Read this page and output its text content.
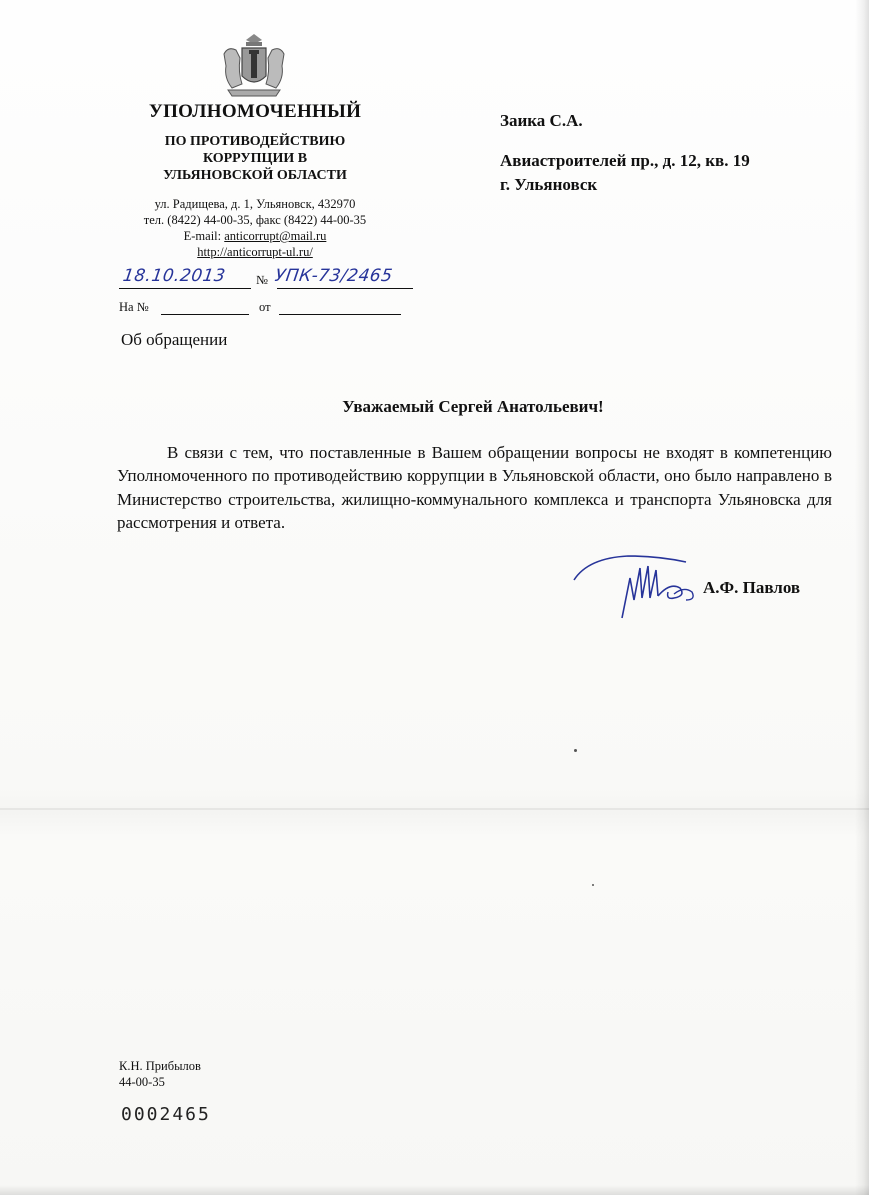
УПОЛНОМОЧЕННЫЙ
ПО ПРОТИВОДЕЙСТВИЮ
КОРРУПЦИИ В
УЛЬЯНОВСКОЙ ОБЛАСТИ
ул. Радищева, д. 1, Ульяновск, 432970
тел. (8422) 44-00-35, факс (8422) 44-00-35
E-mail: anticorrupt@mail.ru
http://anticorrupt-ul.ru/
18.10.2013 № УПК-73/2465
На №	от
Об обращении
Заика С.А.
Авиастроителей пр., д. 12, кв. 19
г. Ульяновск
Уважаемый Сергей Анатольевич!

В связи с тем, что поставленные в Вашем обращении вопросы не входят в компетенцию Уполномоченного по противодействию коррупции в Ульяновской области, оно было направлено в Министерство строительства, жилищно-коммунального комплекса и транспорта Ульяновска для рассмотрения и ответа.

А.Ф. Павлов
К.Н. Прибылов
44-00-35
0002465
